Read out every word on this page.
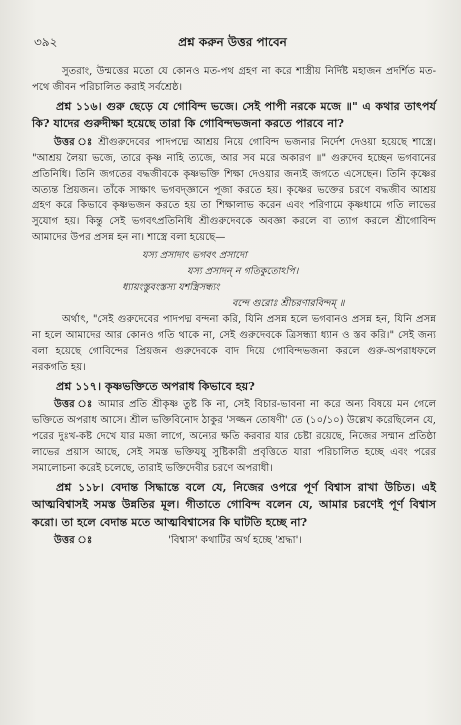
৩৯২	প্রশ্ন করুন উত্তর পাবেন

সুতরাং, উন্মত্তের মতো যে কোনও মত-পথ গ্রহণ না করে শাস্ত্রীয় নির্দিষ্ট মহাজন প্রদর্শিত মত-পথে জীবন পরিচালিত করাই সর্বশ্রেষ্ঠ।

প্রশ্ন ১১৬। গুরু ছেড়ে যে গোবিন্দ ভজে। সেই পাপী নরকে মজে ॥" এ কথার তাৎপর্য কি? যাদের গুরুদীক্ষা হয়েছে তারা কি গোবিন্দভজনা করতে পারবে না?

উত্তর ঃ শ্রীগুরুদেবের পাদপদ্মে আশ্রয় নিয়ে গোবিন্দ ভজনার নির্দেশ দেওয়া হয়েছে শাস্ত্রে। "আশ্রয় লৈয়া ভজে, তারে কৃষ্ণ নাহি ত্যজে, আর সব মরে অকারণ ॥" গুরুদেব হচ্ছেন ভগবানের প্রতিনিধি। তিনি জগতের বদ্ধজীবকে কৃষ্ণভক্তি শিক্ষা দেওয়ার জন্যই জগতে এসেছেন। তিনি কৃষ্ণের অত্যন্ত প্রিয়জন। তাঁকে সাক্ষাৎ ভগবদ্‌জ্ঞানে পূজা করতে হয়। কৃষ্ণের ভক্তের চরণে বদ্ধজীব আশ্রয় গ্রহণ করে কিভাবে কৃষ্ণভজন করতে হয় তা শিক্ষালাভ করেন এবং পরিণামে কৃষ্ণধামে গতি লাভের সুযোগ হয়। কিন্তু সেই ভগবৎপ্রতিনিধি শ্রীগুরুদেবকে অবজ্ঞা করলে বা ত্যাগ করলে শ্রীগোবিন্দ আমাদের উপর প্রসন্ন হন না। শাস্ত্রে বলা হয়েছে—

যস্য প্রসাদাৎ ভগবৎ প্রসাদো
যস্য প্রসাদন্ ন গতিকুতোঽপি।
ধ্যায়ংস্তুবংস্তস্য যশস্ত্রিসন্ধ্যং
বন্দে গুরোঃ শ্রীচরণারবিন্দম্ ॥

অর্থাৎ, "সেই গুরুদেবের পাদপদ্ম বন্দনা করি, যিনি প্রসন্ন হলে ভগবানও প্রসন্ন হন, যিনি প্রসন্ন না হলে আমাদের আর কোনও গতি থাকে না, সেই গুরুদেবকে ত্রিসন্ধ্যা ধ্যান ও স্তব করি।" সেই জন্য বলা হয়েছে গোবিন্দের প্রিয়জন গুরুদেবকে বাদ দিয়ে গোবিন্দভজনা করলে গুরু-অপরাধফলে নরকগতি হয়।

প্রশ্ন ১১৭। কৃষ্ণভক্তিতে অপরাধ কিভাবে হয়?

উত্তর ঃ আমার প্রতি শ্রীকৃষ্ণ তুষ্ট কি না, সেই বিচার-ভাবনা না করে অন্য বিষয়ে মন গেলে ভক্তিতে অপরাধ আসে। শ্রীল ভক্তিবিনোদ ঠাকুর 'সজ্জন তোষণী' তে (১০/১০) উল্লেখ করেছিলেন যে, পরের দুঃখ-কষ্ট দেখে যার মজা লাগে, অন্যের ক্ষতি করবার যার চেষ্টা রয়েছে, নিজের সম্মান প্রতিষ্ঠা লাভের প্রয়াস আছে, সেই সমস্ত ভক্তিযযু সুষ্টিকারী প্রবৃত্তিতে যারা পরিচালিত হচ্ছে এবং পরের সমালোচনা করেই চলেছে, তারাই ভক্তিদেবীর চরণে অপরাধী।

প্রশ্ন ১১৮। বেদান্ত সিদ্ধান্তে বলে যে, নিজের ওপরে পূর্ণ বিশ্বাস রাখা উচিত। এই আত্মবিশ্বাসই সমস্ত উন্নতির মূল। গীতাতে গোবিন্দ বলেন যে, আমার চরণেই পূর্ণ বিশ্বাস করো। তা হলে বেদান্ত মতে আত্মবিশ্বাসের কি ঘাটতি হচ্ছে না?

উত্তর ঃ	'বিশ্বাস' কথাটির অর্থ হচ্ছে 'শ্রদ্ধা'।
